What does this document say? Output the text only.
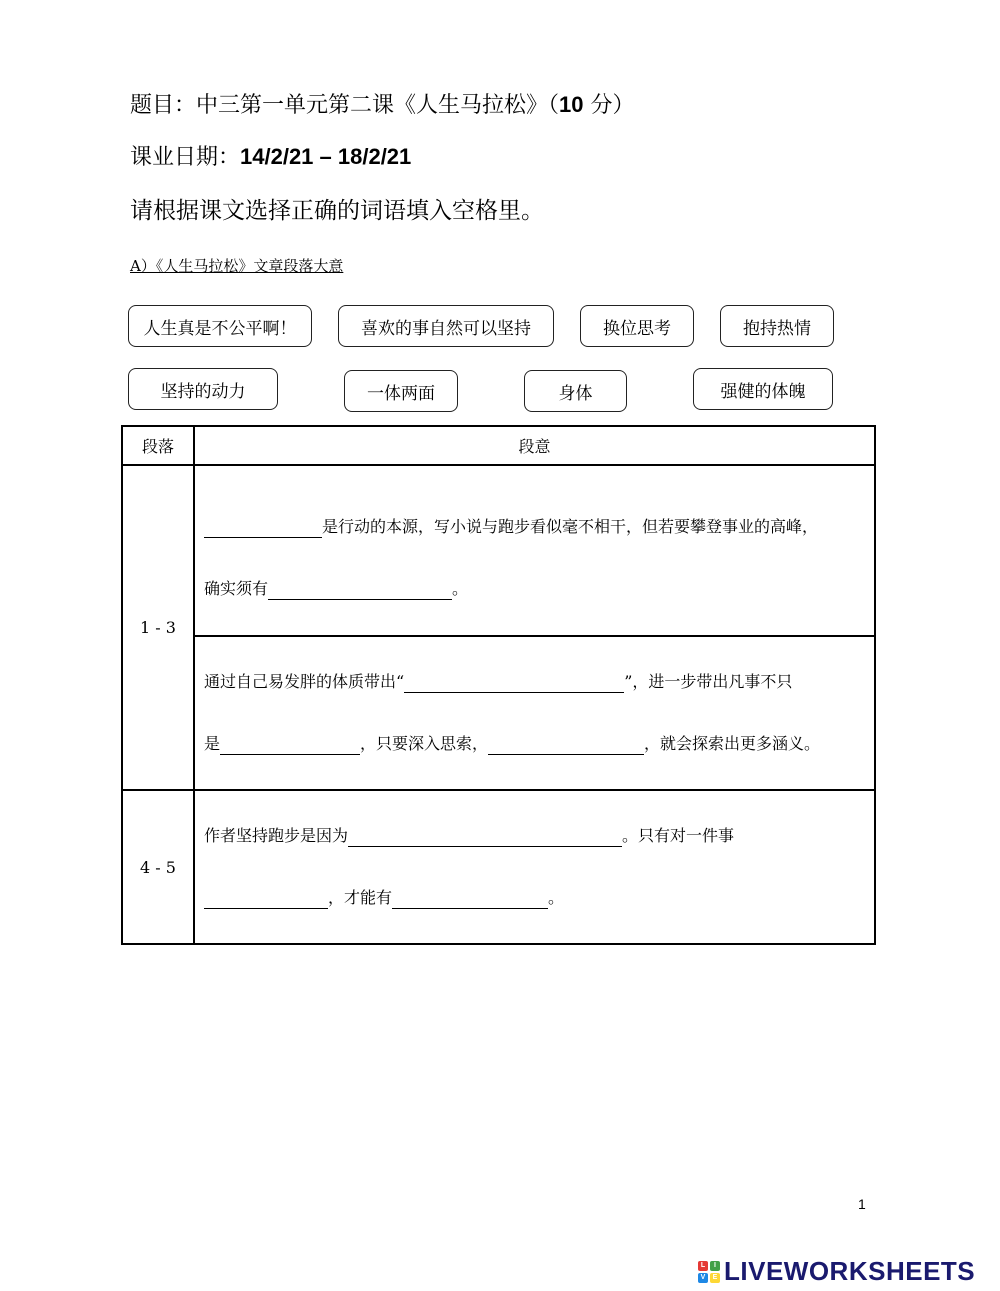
题目：中三第一单元第二课《人生马拉松》（10 分）
课业日期：14/2/21 – 18/2/21
请根据课文选择正确的词语填入空格里。
A）《人生马拉松》文章段落大意
人生真是不公平啊！	喜欢的事自然可以坚持	换位思考	抱持热情
坚持的动力	一体两面	身体	强健的体魄
段落	段意
1 - 3	是行动的本源，写小说与跑步看似毫不相干，但若要攀登事业的高峰，
确实须有 。

	通过自己易发胖的体质带出“ ”，进一步带出凡事不只
是 ，只要深入思索， ，就会探索出更多涵义。

4 - 5	作者坚持跑步是因为 。只有对一件事
，才能有 。
1
L	I
V	E LIVEWORKSHEETS
